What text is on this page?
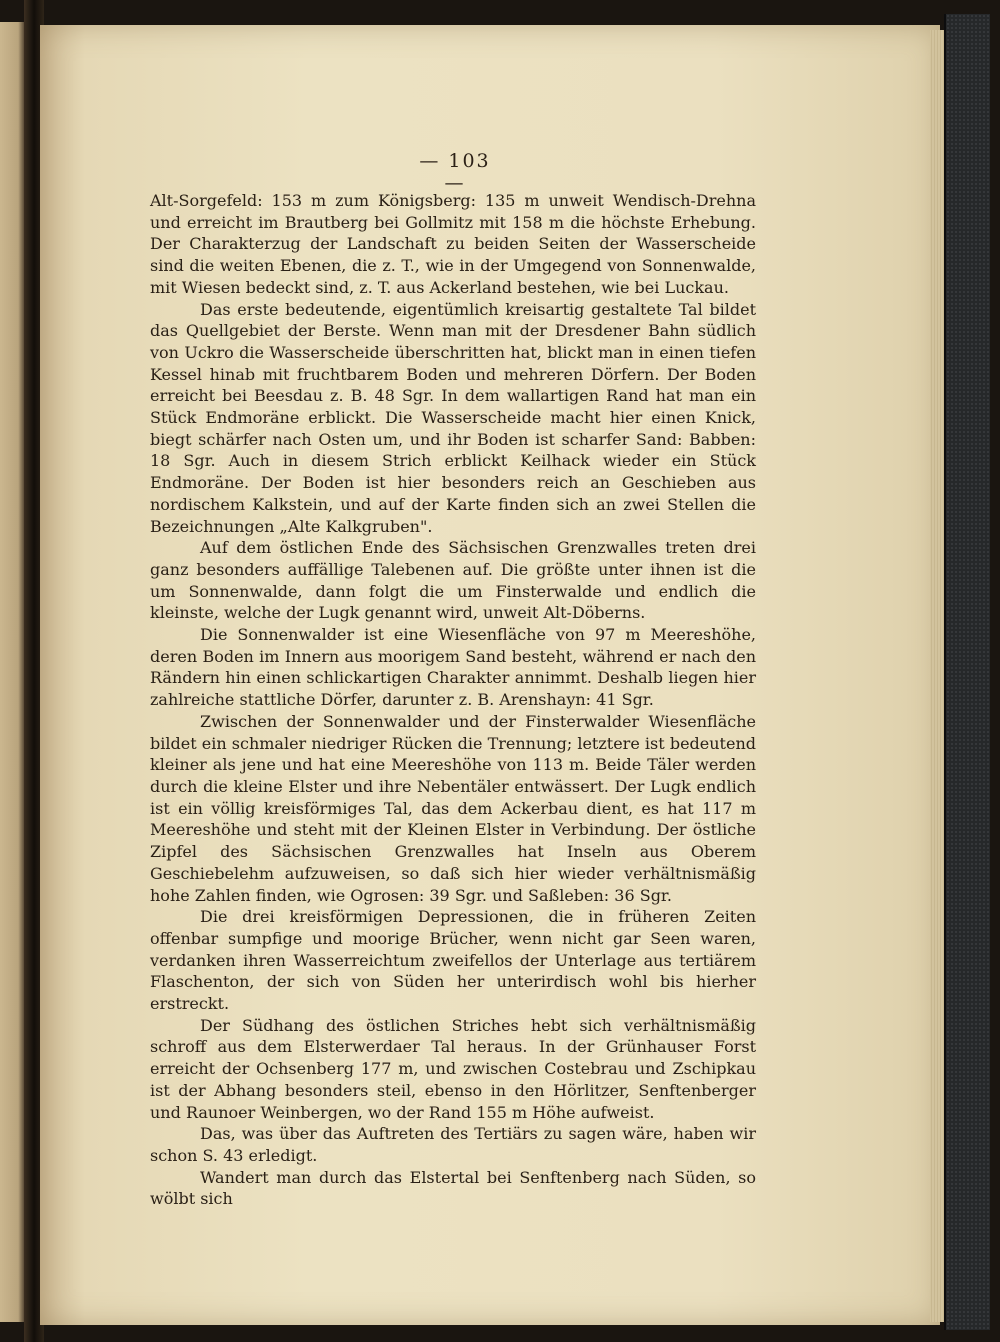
— 103 —

Alt-Sorgefeld: 153 m zum Königsberg: 135 m unweit Wendisch-Drehna und erreicht im Brautberg bei Gollmitz mit 158 m die höchste Erhebung. Der Charakterzug der Landschaft zu beiden Seiten der Wasserscheide sind die weiten Ebenen, die z. T., wie in der Umgegend von Sonnenwalde, mit Wiesen bedeckt sind, z. T. aus Ackerland bestehen, wie bei Luckau.

Das erste bedeutende, eigentümlich kreisartig gestaltete Tal bildet das Quellgebiet der Berste. Wenn man mit der Dresdener Bahn südlich von Uckro die Wasserscheide überschritten hat, blickt man in einen tiefen Kessel hinab mit fruchtbarem Boden und mehreren Dörfern. Der Boden erreicht bei Beesdau z. B. 48 Sgr. In dem wallartigen Rand hat man ein Stück Endmoräne erblickt. Die Wasserscheide macht hier einen Knick, biegt schärfer nach Osten um, und ihr Boden ist scharfer Sand: Babben: 18 Sgr. Auch in diesem Strich erblickt Keilhack wieder ein Stück Endmoräne. Der Boden ist hier besonders reich an Geschieben aus nordischem Kalkstein, und auf der Karte finden sich an zwei Stellen die Bezeichnungen „Alte Kalkgruben".

Auf dem östlichen Ende des Sächsischen Grenzwalles treten drei ganz besonders auffällige Talebenen auf. Die größte unter ihnen ist die um Sonnenwalde, dann folgt die um Finsterwalde und endlich die kleinste, welche der Lugk genannt wird, unweit Alt-Döberns.

Die Sonnenwalder ist eine Wiesenfläche von 97 m Meereshöhe, deren Boden im Innern aus moorigem Sand besteht, während er nach den Rändern hin einen schlickartigen Charakter annimmt. Deshalb liegen hier zahlreiche stattliche Dörfer, darunter z. B. Arenshayn: 41 Sgr.

Zwischen der Sonnenwalder und der Finsterwalder Wiesenfläche bildet ein schmaler niedriger Rücken die Trennung; letztere ist bedeutend kleiner als jene und hat eine Meereshöhe von 113 m. Beide Täler werden durch die kleine Elster und ihre Nebentäler entwässert. Der Lugk endlich ist ein völlig kreisförmiges Tal, das dem Ackerbau dient, es hat 117 m Meereshöhe und steht mit der Kleinen Elster in Verbindung. Der östliche Zipfel des Sächsischen Grenzwalles hat Inseln aus Oberem Geschiebelehm aufzuweisen, so daß sich hier wieder verhältnismäßig hohe Zahlen finden, wie Ogrosen: 39 Sgr. und Saßleben: 36 Sgr.

Die drei kreisförmigen Depressionen, die in früheren Zeiten offenbar sumpfige und moorige Brücher, wenn nicht gar Seen waren, verdanken ihren Wasserreichtum zweifellos der Unterlage aus tertiärem Flaschenton, der sich von Süden her unterirdisch wohl bis hierher erstreckt.

Der Südhang des östlichen Striches hebt sich verhältnismäßig schroff aus dem Elsterwerdaer Tal heraus. In der Grünhauser Forst erreicht der Ochsenberg 177 m, und zwischen Costebrau und Zschipkau ist der Abhang besonders steil, ebenso in den Hörlitzer, Senftenberger und Raunoer Weinbergen, wo der Rand 155 m Höhe aufweist.

Das, was über das Auftreten des Tertiärs zu sagen wäre, haben wir schon S. 43 erledigt.

Wandert man durch das Elstertal bei Senftenberg nach Süden, so wölbt sich
